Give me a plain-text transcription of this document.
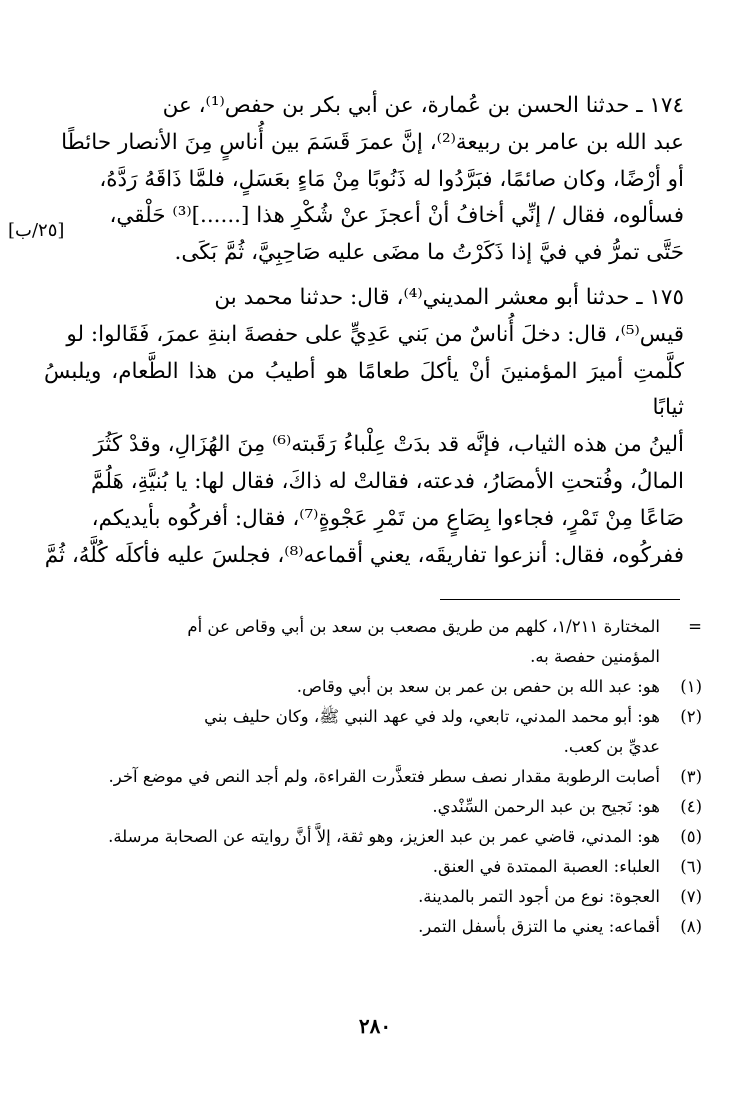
[٢٥/ب]

١٧٤ ـ حدثنا الحسن بن عُمارة، عن أبي بكر بن حفص⁽¹⁾، عن

عبد الله بن عامر بن ربيعة⁽²⁾، إنَّ عمرَ قَسَمَ بين أُناسٍ مِنَ الأنصار حائطًا

أو أرْضًا، وكان صائمًا، فبَرَّدُوا له ذَنُوبًا مِنْ مَاءٍ بعَسَلٍ، فلمَّا ذَاقَهُ رَدَّهُ،

فسألوه، فقال / إنِّي أخافُ أنْ أعجزَ عنْ شُكْرِ هذا [......]⁽³⁾ حَلْقي،

حَتَّى تمرُّ في فيَّ إذا ذَكَرْتُ ما مضَى عليه صَاحِبِيَّ، ثُمَّ بَكَى.

١٧٥ ـ حدثنا أبو معشر المديني⁽⁴⁾، قال: حدثنا محمد بن

قيس⁽⁵⁾، قال: دخلَ أُناسٌ من بَني عَدِيٍّ على حفصةَ ابنةِ عمرَ، فَقَالوا: لو

كلَّمتِ أميرَ المؤمنينَ أنْ يأكلَ طعامًا هو أطيبُ من هذا الطَّعام، ويلبسُ ثيابًا

ألينُ من هذه الثياب، فإنَّه قد بدَتْ عِلْباءُ رَقَبته⁽⁶⁾ مِنَ الهُزَالِ، وقدْ كَثُرَ

المالُ، وفُتحتِ الأمصَارُ، فدعته، فقالتْ له ذاكَ، فقال لها: يا بُنيَّةِ، هَلُمَّ

صَاعًا مِنْ تَمْرٍ، فجاءوا بِصَاعٍ من تَمْرِ عَجْوةٍ⁽⁷⁾، فقال: أفركُوه بأيديكم،

ففركُوه، فقال: أنزعوا تفاريقَه، يعني أقماعه⁽⁸⁾، فجلسَ عليه فأكلَه كُلَّهُ، ثُمَّ

=
المختارة ١/٢١١، كلهم من طريق مصعب بن سعد بن أبي وقاص عن أم
المؤمنين حفصة به.
(١)
هو: عبد الله بن حفص بن عمر بن سعد بن أبي وقاص.
(٢)
هو: أبو محمد المدني، تابعي، ولد في عهد النبي ﷺ، وكان حليف بني
عديِّ بن كعب.
(٣)
أصابت الرطوبة مقدار نصف سطر فتعذَّرت القراءة، ولم أجد النص في موضع آخر.
(٤)
هو: نَجيح بن عبد الرحمن السِّنْدي.
(٥)
هو: المدني، قاضي عمر بن عبد العزيز، وهو ثقة، إلاَّ أنَّ روايته عن الصحابة مرسلة.
(٦)
العلباء: العصبة الممتدة في العنق.
(٧)
العجوة: نوع من أجود التمر بالمدينة.
(٨)
أقماعه: يعني ما التزق بأسفل التمر.
٢٨٠
